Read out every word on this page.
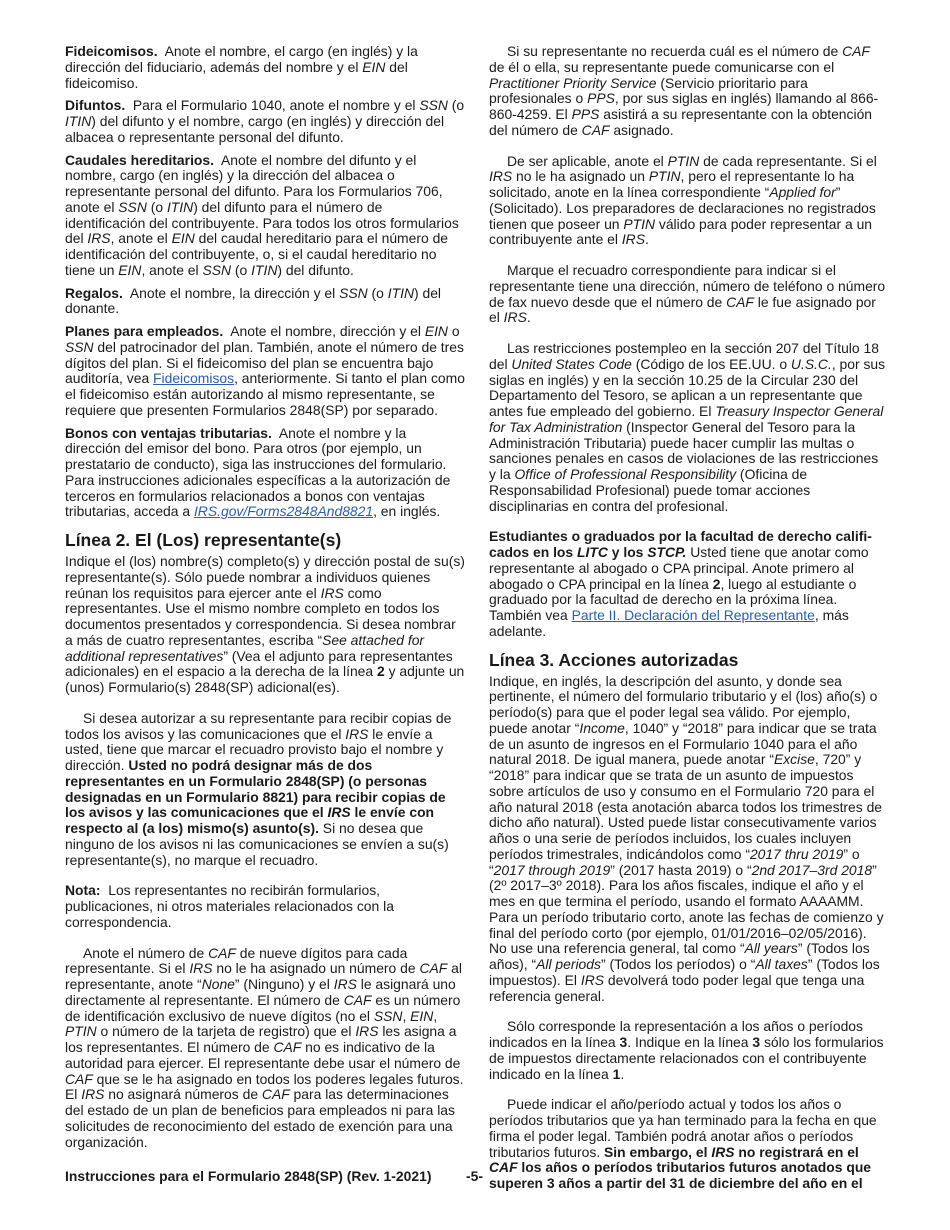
Fideicomisos. Anote el nombre, el cargo (en inglés) y la dirección del fiduciario, además del nombre y el EIN del fideicomiso.

Difuntos. Para el Formulario 1040, anote el nombre y el SSN (o ITIN) del difunto y el nombre, cargo (en inglés) y dirección del albacea o representante personal del difunto.

Caudales hereditarios. Anote el nombre del difunto y el nombre, cargo (en inglés) y la dirección del albacea o representante personal del difunto. Para los Formularios 706, anote el SSN (o ITIN) del difunto para el número de identificación del contribuyente. Para todos los otros formularios del IRS, anote el EIN del caudal hereditario para el número de identificación del contribuyente, o, si el caudal hereditario no tiene un EIN, anote el SSN (o ITIN) del difunto.

Regalos. Anote el nombre, la dirección y el SSN (o ITIN) del donante.

Planes para empleados. Anote el nombre, dirección y el EIN o SSN del patrocinador del plan. También, anote el número de tres dígitos del plan. Si el fideicomiso del plan se encuentra bajo auditoría, vea Fideicomisos, anteriormente. Si tanto el plan como el fideicomiso están autorizando al mismo representante, se requiere que presenten Formularios 2848(SP) por separado.

Bonos con ventajas tributarias. Anote el nombre y la dirección del emisor del bono. Para otros (por ejemplo, un prestatario de conducto), siga las instrucciones del formulario. Para instrucciones adicionales específicas a la autorización de terceros en formularios relacionados a bonos con ventajas tributarias, acceda a IRS.gov/Forms2848And8821, en inglés.

Línea 2. El (Los) representante(s)

Indique el (los) nombre(s) completo(s) y dirección postal de su(s) representante(s). Sólo puede nombrar a individuos quienes reúnan los requisitos para ejercer ante el IRS como representantes. Use el mismo nombre completo en todos los documentos presentados y correspondencia. Si desea nombrar a más de cuatro representantes, escriba “See attached for additional representatives” (Vea el adjunto para representantes adicionales) en el espacio a la derecha de la línea 2 y adjunte un (unos) Formulario(s) 2848(SP) adicional(es).

Si desea autorizar a su representante para recibir copias de todos los avisos y las comunicaciones que el IRS le envíe a usted, tiene que marcar el recuadro provisto bajo el nombre y dirección. Usted no podrá designar más de dos representantes en un Formulario 2848(SP) (o personas designadas en un Formulario 8821) para recibir copias de los avisos y las comunicaciones que el IRS le envíe con respecto al (a los) mismo(s) asunto(s). Si no desea que ninguno de los avisos ni las comunicaciones se envíen a su(s) representante(s), no marque el recuadro.

Nota: Los representantes no recibirán formularios, publicaciones, ni otros materiales relacionados con la correspondencia.

Anote el número de CAF de nueve dígitos para cada representante. Si el IRS no le ha asignado un número de CAF al representante, anote “None” (Ninguno) y el IRS le asignará uno directamente al representante. El número de CAF es un número de identificación exclusivo de nueve dígitos (no el SSN, EIN, PTIN o número de la tarjeta de registro) que el IRS les asigna a los representantes. El número de CAF no es indicativo de la autoridad para ejercer. El representante debe usar el número de CAF que se le ha asignado en todos los poderes legales futuros. El IRS no asignará números de CAF para las determinaciones del estado de un plan de beneficios para empleados ni para las solicitudes de reconocimiento del estado de exención para una organización.

Si su representante no recuerda cuál es el número de CAF de él o ella, su representante puede comunicarse con el Practitioner Priority Service (Servicio prioritario para profesionales o PPS, por sus siglas en inglés) llamando al 866-860-4259. El PPS asistirá a su representante con la obtención del número de CAF asignado.

De ser aplicable, anote el PTIN de cada representante. Si el IRS no le ha asignado un PTIN, pero el representante lo ha solicitado, anote en la línea correspondiente “Applied for” (Solicitado). Los preparadores de declaraciones no registrados tienen que poseer un PTIN válido para poder representar a un contribuyente ante el IRS.

Marque el recuadro correspondiente para indicar si el representante tiene una dirección, número de teléfono o número de fax nuevo desde que el número de CAF le fue asignado por el IRS.

Las restricciones postempleo en la sección 207 del Título 18 del United States Code (Código de los EE.UU. o U.S.C., por sus siglas en inglés) y en la sección 10.25 de la Circular 230 del Departamento del Tesoro, se aplican a un representante que antes fue empleado del gobierno. El Treasury Inspector General for Tax Administration (Inspector General del Tesoro para la Administración Tributaria) puede hacer cumplir las multas o sanciones penales en casos de violaciones de las restricciones y la Office of Professional Responsibility (Oficina de Responsabilidad Profesional) puede tomar acciones disciplinarias en contra del profesional.

Estudiantes o graduados por la facultad de derecho califi-cados en los LITC y los STCP. Usted tiene que anotar como representante al abogado o CPA principal. Anote primero al abogado o CPA principal en la línea 2, luego al estudiante o graduado por la facultad de derecho en la próxima línea. También vea Parte II. Declaración del Representante, más adelante.

Línea 3. Acciones autorizadas

Indique, en inglés, la descripción del asunto, y donde sea pertinente, el número del formulario tributario y el (los) año(s) o período(s) para que el poder legal sea válido. Por ejemplo, puede anotar “Income, 1040” y “2018” para indicar que se trata de un asunto de ingresos en el Formulario 1040 para el año natural 2018. De igual manera, puede anotar “Excise, 720” y “2018” para indicar que se trata de un asunto de impuestos sobre artículos de uso y consumo en el Formulario 720 para el año natural 2018 (esta anotación abarca todos los trimestres de dicho año natural). Usted puede listar consecutivamente varios años o una serie de períodos incluidos, los cuales incluyen períodos trimestrales, indicándolos como “2017 thru 2019” o “2017 through 2019” (2017 hasta 2019) o “2nd 2017–3rd 2018” (2º 2017–3º 2018). Para los años fiscales, indique el año y el mes en que termina el período, usando el formato AAAAMM. Para un período tributario corto, anote las fechas de comienzo y final del período corto (por ejemplo, 01/01/2016–02/05/2016). No use una referencia general, tal como “All years” (Todos los años), “All periods” (Todos los períodos) o “All taxes” (Todos los impuestos). El IRS devolverá todo poder legal que tenga una referencia general.

Sólo corresponde la representación a los años o períodos indicados en la línea 3. Indique en la línea 3 sólo los formularios de impuestos directamente relacionados con el contribuyente indicado en la línea 1.

Puede indicar el año/período actual y todos los años o períodos tributarios que ya han terminado para la fecha en que firma el poder legal. También podrá anotar años o períodos tributarios futuros. Sin embargo, el IRS no registrará en el CAF los años o períodos tributarios futuros anotados que superen 3 años a partir del 31 de diciembre del año en el

Instrucciones para el Formulario 2848(SP) (Rev. 1-2021) -5-
